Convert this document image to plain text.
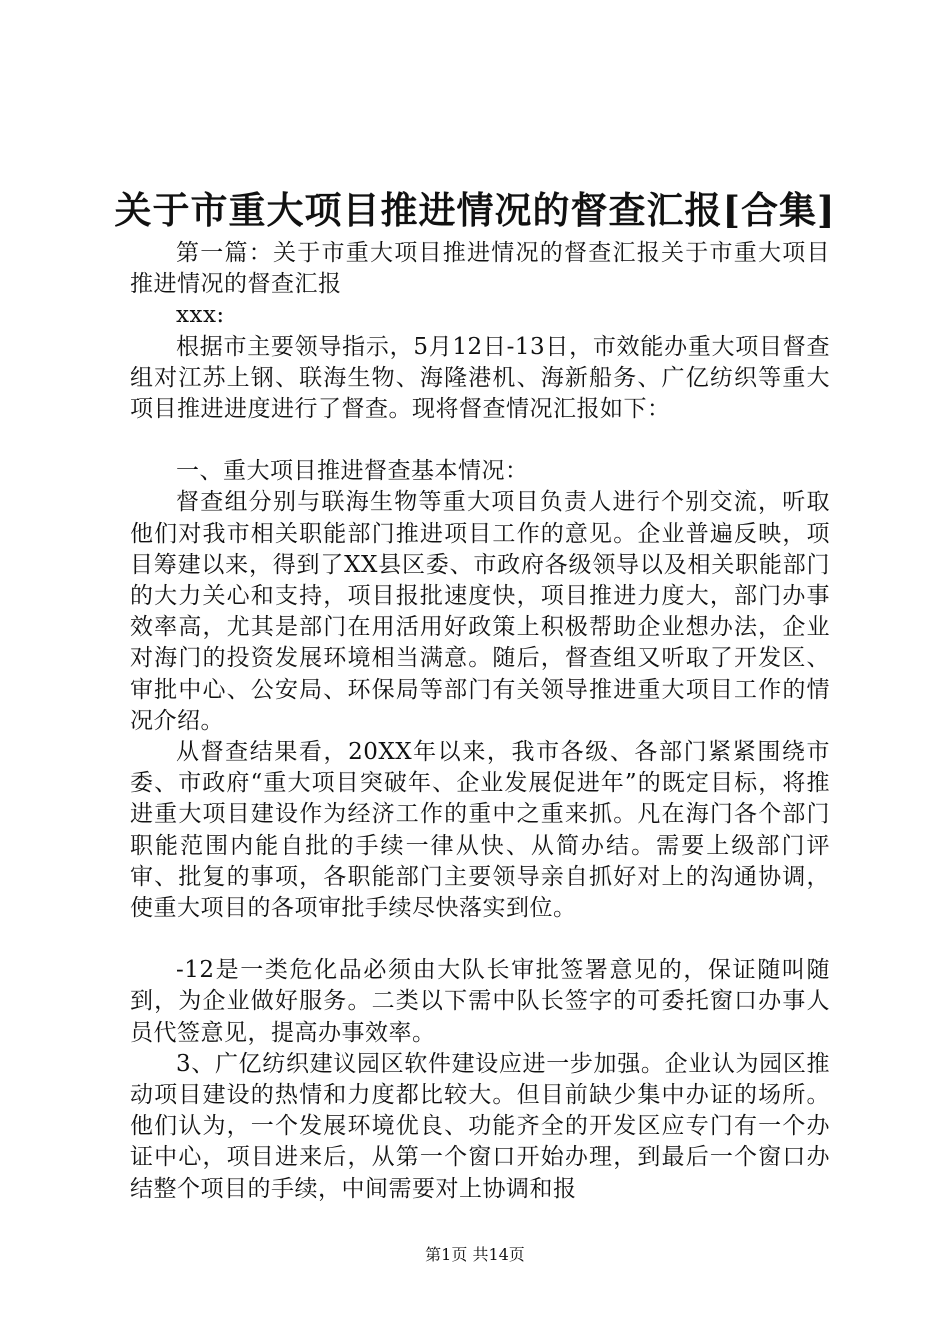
关于市重大项目推进情况的督查汇报[合集]

第一篇：关于市重大项目推进情况的督查汇报关于市重大项目推进情况的督查汇报

xxx:

根据市主要领导指示，5月12日-13日，市效能办重大项目督查组对江苏上钢、联海生物、海隆港机、海新船务、广亿纺织等重大项目推进进度进行了督查。现将督查情况汇报如下：

一、重大项目推进督查基本情况：

督查组分别与联海生物等重大项目负责人进行个别交流，听取他们对我市相关职能部门推进项目工作的意见。企业普遍反映，项目筹建以来，得到了XX县区委、市政府各级领导以及相关职能部门的大力关心和支持，项目报批速度快，项目推进力度大，部门办事效率高，尤其是部门在用活用好政策上积极帮助企业想办法，企业对海门的投资发展环境相当满意。随后，督查组又听取了开发区、审批中心、公安局、环保局等部门有关领导推进重大项目工作的情况介绍。

从督查结果看，20XX年以来，我市各级、各部门紧紧围绕市委、市政府“重大项目突破年、企业发展促进年”的既定目标，将推进重大项目建设作为经济工作的重中之重来抓。凡在海门各个部门职能范围内能自批的手续一律从快、从简办结。需要上级部门评审、批复的事项，各职能部门主要领导亲自抓好对上的沟通协调，使重大项目的各项审批手续尽快落实到位。

-12是一类危化品必须由大队长审批签署意见的，保证随叫随到，为企业做好服务。二类以下需中队长签字的可委托窗口办事人员代签意见，提高办事效率。

3、广亿纺织建议园区软件建设应进一步加强。企业认为园区推动项目建设的热情和力度都比较大。但目前缺少集中办证的场所。他们认为，一个发展环境优良、功能齐全的开发区应专门有一个办证中心，项目进来后，从第一个窗口开始办理，到最后一个窗口办结整个项目的手续，中间需要对上协调和报

第1页 共14页
